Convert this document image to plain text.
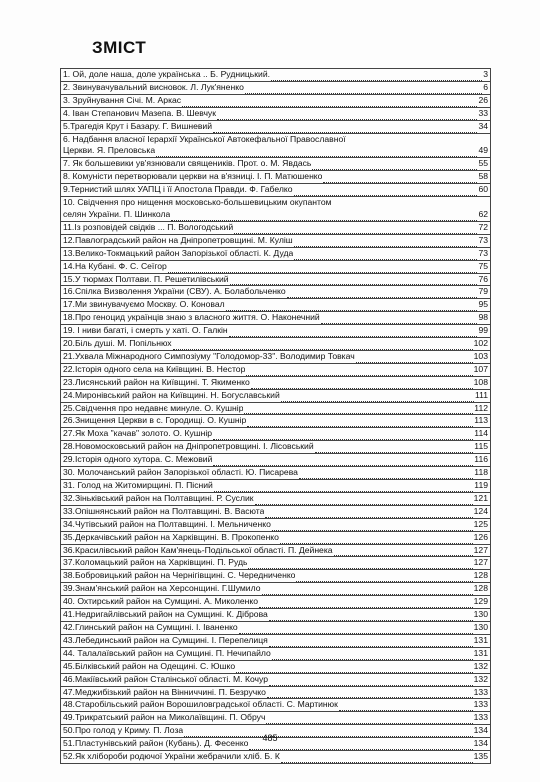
ЗМІСТ
1. Ой, доле наша, доле українська .. Б. Рудницький.	3
2. Звинувачувальний висновок. Л. Лук'яненко	6
3. Зруйнування Січі. М. Аркас	26
4. Іван Степанович Мазепа. В. Шевчук	33
5.Трагедія Крут і Базару. Г. Вишневий	34
6. Надбання власної Ієрархії Української Автокефальної Православної
Церкви. Я. Преловська	49
7. Як большевики ув'язнювали священиків. Прот. о. М. Явдась	55
8. Комуністи перетворювали церкви на в'язниці. І. П. Матюшенко	58
9.Тернистий шлях УАПЦ і її Апостола Правди. Ф. Габелко	60
10. Свідчення про нищення московсько-большевицьким окупантом
селян України. П. Шинкола	62
11.Із розповідей свідків ... П. Вологодський	72
12.Павлоградський район на Дніпропетровщині. М. Куліш	73
13.Велико-Токмацький район Запорізької області. К. Дуда	73
14.На Кубані. Ф. С. Сеїгор	75
15.У тюрмах Полтави. П. Решетилівський	76
16.Спілка Визволення України (СВУ). А. Болабольченко	79
17.Ми звинувачуємо Москву. О. Коновал	95
18.Про геноцид українців знаю з власного життя. О. Наконечний	98
19. І ниви багаті, і смерть у хаті. О. Галкін	99
20.Біль душі. М. Попільнюх	102
21.Ухвала Міжнародного Симпозіуму "Голодомор-33". Володимир Товкач	103
22.Історія одного села на Київщині. В. Нестор	107
23.Лисянський район на Київщині. Т. Якименко	108
24.Миронівський район на Київщині. Н. Богуславський	111
25.Свідчення про недавнє минуле. О. Кушнір	112
26.Знищення Церкви в с. Городищі. О. Кушнір	113
27.Як Моха "качав" золото. О. Кушнір	114
28.Новомосковський район на Дніпропетровщині. І. Лісовський	115
29.Історія одного хутора. С. Межовий	116
30. Молочанський район Запорізької області. Ю. Писарева	118
31. Голод на Житомирщині. П. Пісний	119
32.Зіньківський район на Полтавщині. Р. Суслик	121
33.Опішнянський район на Полтавщині. В. Васюта	124
34.Чутівський район на Полтавщині. І. Мельниченко	125
35.Деркачівський район на Харківщині. В. Прокопенко	126
36.Красилівський район Кам'янець-Подільської області. П. Дейнека	127
37.Коломацький район на Харківщині. П. Рудь	127
38.Бобровицький район на Чернігівщині. С. Чередниченко	128
39.Знам'янський район на Херсонщині. Г.Шумило	128
40. Охтирський район на Сумщині. А. Миколенко	129
41.Недригайлівський район на Сумщині. К. Діброва	130
42.Глинський район на Сумщині. І. Іваненко	130
43.Лебединський район на Сумщині. І. Перепелиця	131
44. Талалаївський район на Сумщині. П. Нечипайло	131
45.Білківський район на Одещині. С. Юшко	132
46.Макіївський район Сталінської області. М. Кочур	132
47.Меджибізький район на Вінниччині. П. Безручко	133
48.Старобільський район Ворошиловградської області. С. Мартинюк	133
49.Трикратський район на Миколаївщині. П. Обруч	133
50.Про голод у Криму. П. Лоза	134
51.Пластунівський район (Кубань). Д. Фесенко	134
52.Як хлібороби родючої України жебрачили хліб. Б. К	135
485
